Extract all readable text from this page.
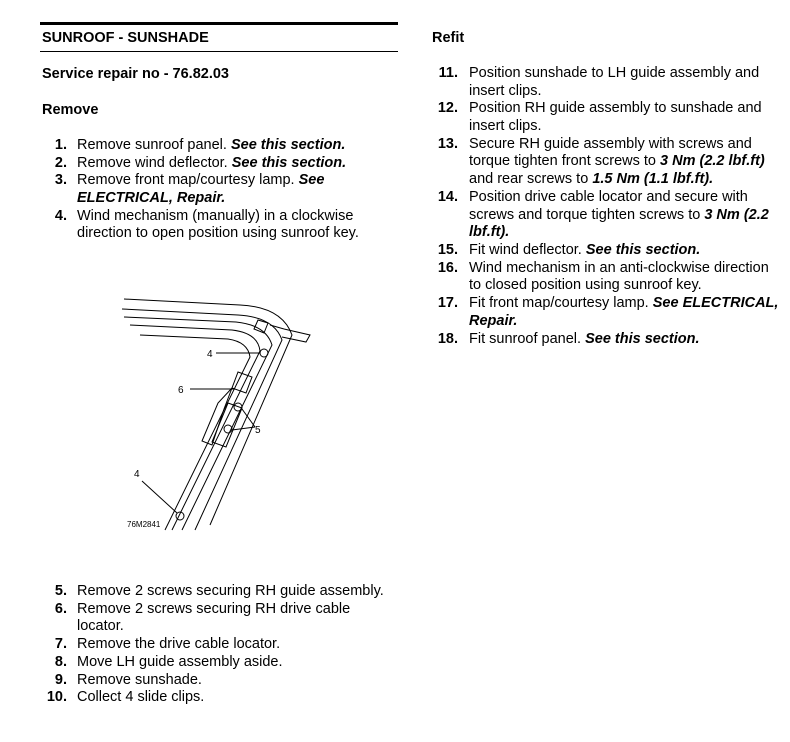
SUNROOF - SUNSHADE	Refit
Service repair no - 76.82.03
Remove
1. Remove sunroof panel. See this section.
2. Remove wind deflector. See this section.
3. Remove front map/courtesy lamp. See
ELECTRICAL, Repair.
4. Wind mechanism (manually) in a clockwise
direction to open position using sunroof key.
5. Remove 2 screws securing RH guide assembly.
6. Remove 2 screws securing RH drive cable
locator.
7. Remove the drive cable locator.
8. Move LH guide assembly aside.
9. Remove sunshade.
10. Collect 4 slide clips.
11. Position sunshade to LH guide assembly and
insert clips.
12. Position RH guide assembly to sunshade and
insert clips.
13. Secure RH guide assembly with screws and
torque tighten front screws to 3 Nm (2.2 lbf.ft)
and rear screws to 1.5 Nm (1.1 lbf.ft).
14. Position drive cable locator and secure with
screws and torque tighten screws to 3 Nm (2.2
lbf.ft).
15. Fit wind deflector. See this section.
16. Wind mechanism in an anti-clockwise direction
to closed position using sunroof key.
17. Fit front map/courtesy lamp. See ELECTRICAL,
Repair.
18. Fit sunroof panel. See this section.
4
6
5
4
76M2841
